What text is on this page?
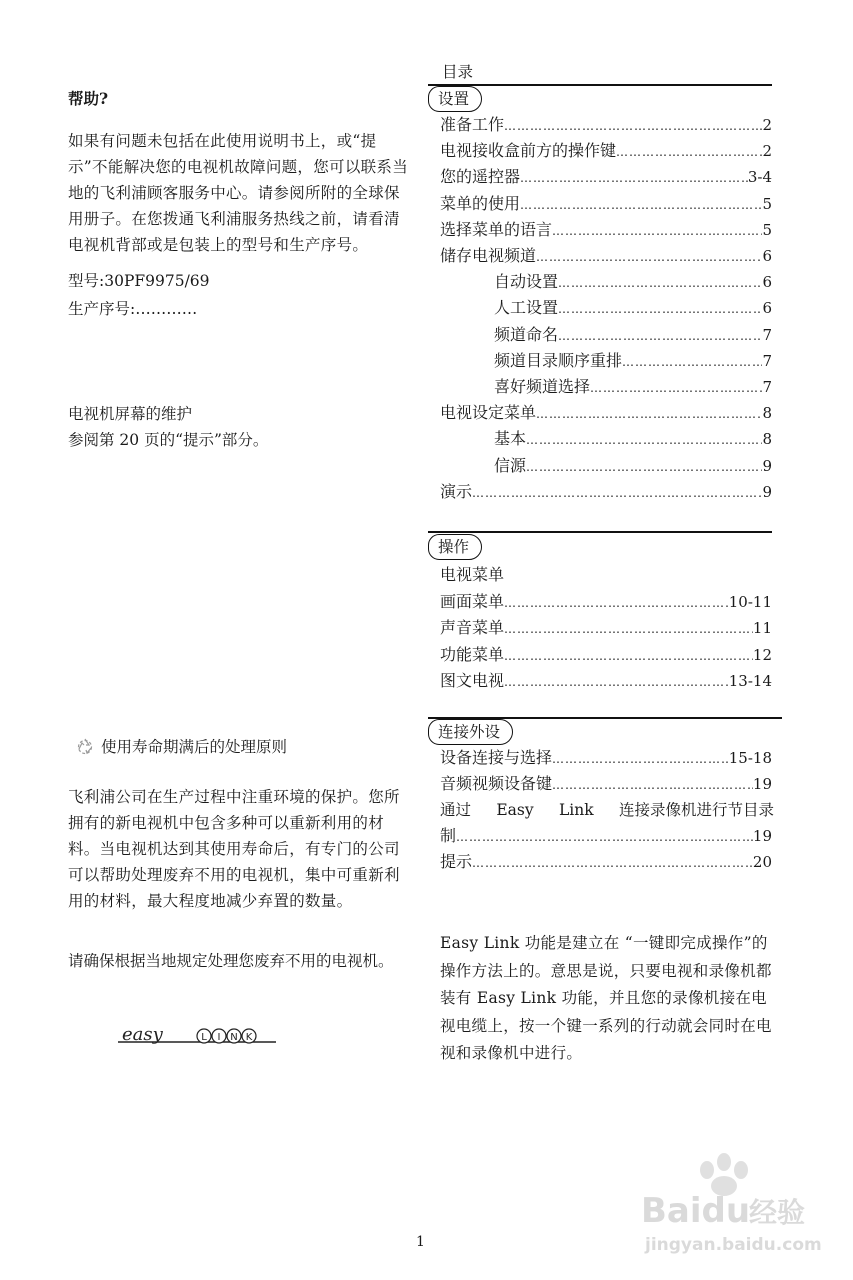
帮助?

如果有问题未包括在此使用说明书上，或“提示”不能解决您的电视机故障问题，您可以联系当地的飞利浦顾客服务中心。请参阅所附的全球保用册子。在您拨通飞利浦服务热线之前，请看清电视机背部或是包装上的型号和生产序号。

型号:30PF9975/69
生产序号:…………
电视机屏幕的维护
参阅第 20 页的“提示”部分。
使用寿命期满后的处理原则

飞利浦公司在生产过程中注重环境的保护。您所拥有的新电视机中包含多种可以重新利用的材料。当电视机达到其使用寿命后，有专门的公司可以帮助处理废弃不用的电视机，集中可重新利用的材料，最大程度地减少弃置的数量。

请确保根据当地规定处理您废弃不用的电视机。

easy	L I N K
目录
设置
准备工作 ……………………………………………………………………………………………	2
电视接收盒前方的操作键 ……………………………………………………………………………………………	2
您的遥控器 ……………………………………………………………………………………………	3-4
菜单的使用 ……………………………………………………………………………………………	5
选择菜单的语言 ……………………………………………………………………………………………	5
储存电视频道 ……………………………………………………………………………………………	6
自动设置 ……………………………………………………………………………………………	6
人工设置 ……………………………………………………………………………………………	6
频道命名 ……………………………………………………………………………………………	7
频道目录顺序重排 ……………………………………………………………………………………………	7
喜好频道选择 ……………………………………………………………………………………………	7
电视设定菜单 ……………………………………………………………………………………………	8
基本 ……………………………………………………………………………………………	8
信源 ……………………………………………………………………………………………	9
演示 ……………………………………………………………………………………………	9
操作
电视菜单
画面菜单 ……………………………………………………………………………………………	10-11
声音菜单 ……………………………………………………………………………………………	11
功能菜单 ……………………………………………………………………………………………	12
图文电视 ……………………………………………………………………………………………	13-14
连接外设
设备连接与选择 ……………………………………………………………………………………………	15-18
音频视频设备键 ……………………………………………………………………………………………	19
通过 Easy Link 连接录像机进行节目录
制 ……………………………………………………………………………………………	19
提示 ……………………………………………………………………………………………	20
Easy Link 功能是建立在 “一键即完成操作”的操作方法上的。意思是说，只要电视和录像机都装有 Easy Link 功能，并且您的录像机接在电视电缆上，按一个键一系列的行动就会同时在电视和录像机中进行。
1
Baidu
经验
jingyan.baidu.com
